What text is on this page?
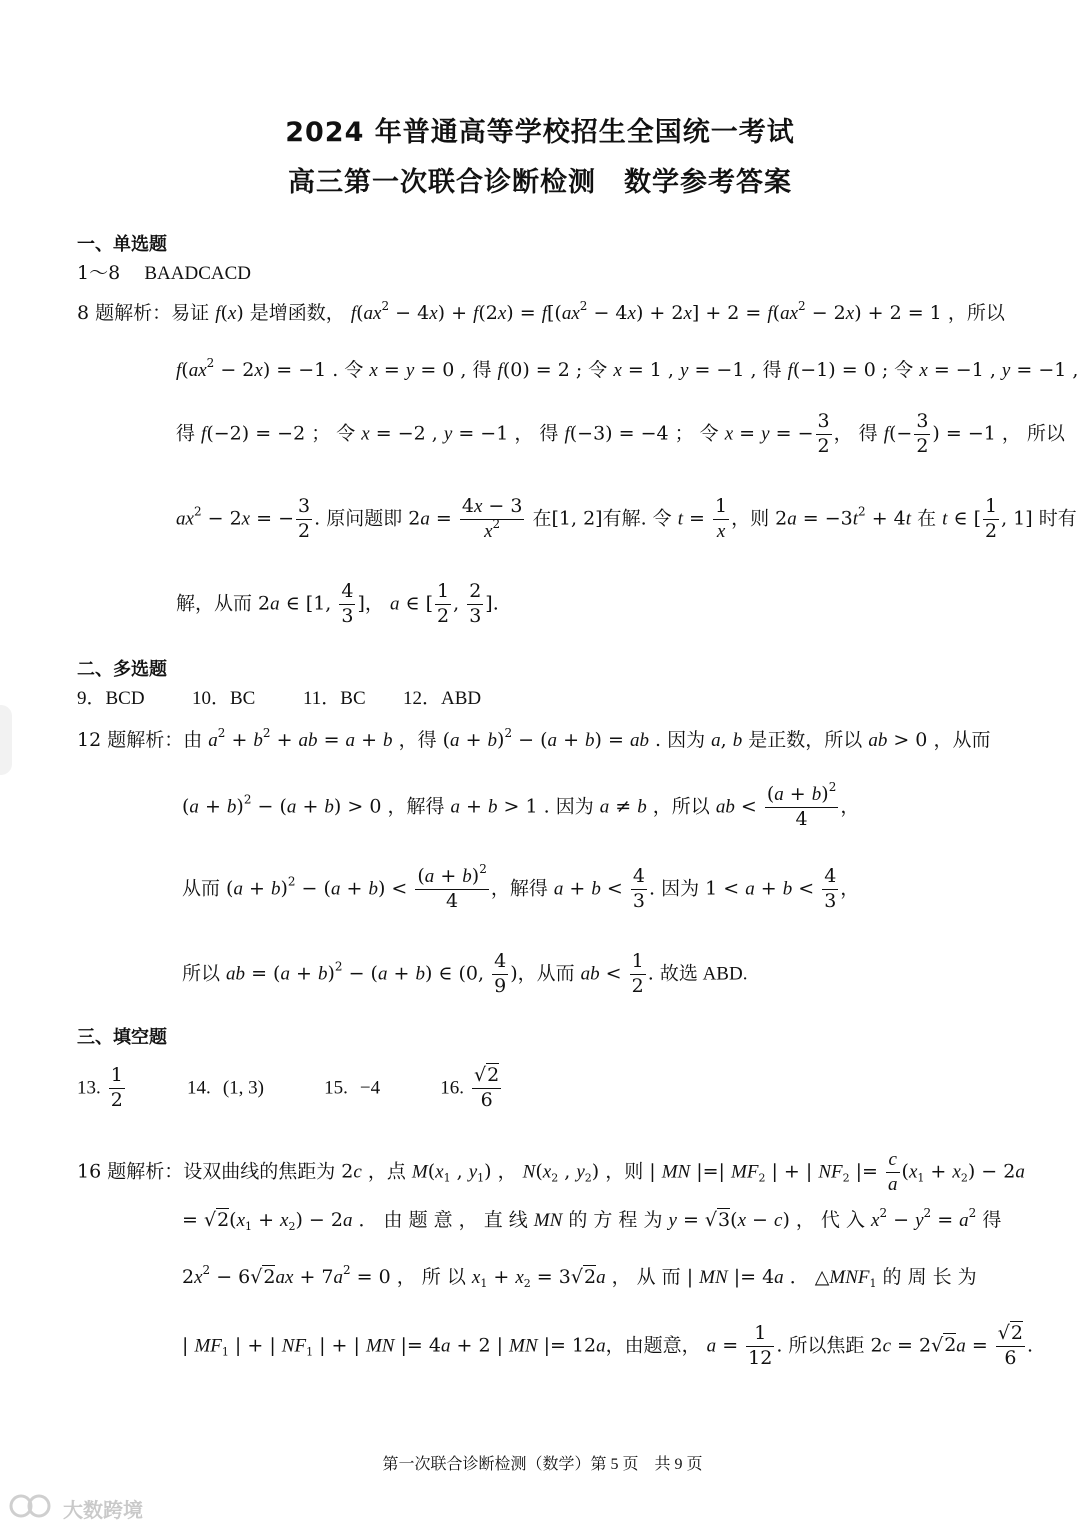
2024 年普通高等学校招生全国统一考试
高三第一次联合诊断检测　数学参考答案
一、单选题
1～8 BAADCACD
8 题解析：易证 f(x) 是增函数， $f(ax^2 - 4x) + f(2x) = f[(ax^2 - 4x) + 2x] + 2 = f(ax^2 - 2x) + 2 = 1$ ，所以
$f(ax^2 - 2x) = -1$ . 令 x = y = 0 , 得 f(0) = 2 ; 令 x = 1 , y = −1 , 得 f(−1) = 0 ; 令 x = −1 , y = −1 ,
得 f(−2) = −2 ； 令 x = −2 , y = −1 ， 得 f(−3) = −4 ； 令 x = y = − $\frac{3}{2}$ ， 得 $f(- \frac{3}{2}$ ) = −1 ， 所以
$ax^2 - 2x$ = − $\frac{3}{2}$ . 原问题即 $2a = \frac{4x - 3}{x^2}$ 在[1, 2]有解. 令 $t = \frac{1}{x}$ ，则 $2a = -3t^2 + 4t$ 在 t ∈ [ $\frac{1}{2}$ , 1] 时有
解，从而 2a ∈ [1, $\frac{4}{3}$ ]， a ∈ [ $\frac{1}{2}$ , $\frac{2}{3}$ ].
二、多选题
9．BCD 10．BC	11．BC 12．ABD
12 题解析：由 $a^2 + b^2$ + ab = a + b ，得 $(a + b)^2 - (a + b)$ = ab . 因为 a, b 是正数，所以 ab > 0 ，从而
$(a + b)^2 - (a + b) > 0$ ，解得 a + b > 1 . 因为 a ≠ b ，所以 ab < $\frac{(a + b)^2}{4}$ ，
从而 $(a + b)^2 - (a + b) < \frac{(a + b)^2}{4}$ ，解得 $a + b < \frac{4}{3}$ . 因为 $1 < a + b < \frac{4}{3}$ ，
所以 ab = $(a + b)^2 - (a + b)$ ∈ (0, $\frac{4}{9}$ )，从而 ab < $\frac{1}{2}$ . 故选 ABD.
三、填空题
13. $\frac{1}{2}$	14. (1, 3)	15. −4	16. $\frac{√2}{6}$
16 题解析：设双曲线的焦距为 2c ，点 $M(x_1$ , $y_1$) ， $N(x_2$ , $y_2$) ，则 | MN |=| $MF_2$ | + | $NF_2$ |= $\frac{c}{a} (x_1 + x_2) - 2a$
= $√2(x_1 + x_2) - 2a$ ． 由 题 意 ， 直 线 MN 的 方 程 为 y = √3(x − c) ， 代 入 $x^2 - y^2 = a^2$ 得
$2x^2 - 6√2ax + 7a^2 = 0$ ， 所 以 $x_1 + x_2 = 3√2a$ ， 从 而 | MN |= 4a ． $\triangle MNF_1$ 的 周 长 为
| $MF_1$ | + | $NF_1$ | + | MN |= 4a + 2 | MN |= 12a，由题意， $a = \frac{1}{12}$ . 所以焦距 $2c = 2√2a = \frac{√2}{6}$ .
第一次联合诊断检测（数学）第 5 页　共 9 页
大数跨境
